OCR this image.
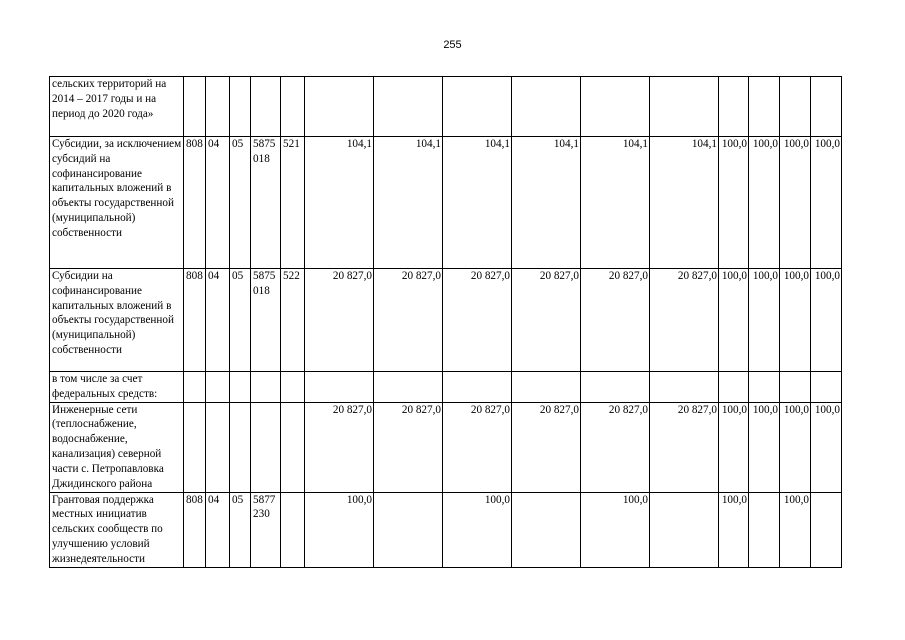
255
сельских территорий на 2014 – 2017 годы и на период до 2020 года»															
Субсидии, за исключением субсидий на софинансирование капитальных вложений в объекты государственной (муниципальной) собственности	808	04	05	5875 018	521	104,1	104,1	104,1	104,1	104,1	104,1	100,0	100,0	100,0	100,0
Субсидии на софинансирование капитальных вложений в объекты государственной (муниципальной) собственности	808	04	05	5875 018	522	20 827,0	20 827,0	20 827,0	20 827,0	20 827,0	20 827,0	100,0	100,0	100,0	100,0
в том числе за счет федеральных средств:															
Инженерные сети (теплоснабжение, водоснабжение, канализация) северной части с. Петропавловка Джидинского района						20 827,0	20 827,0	20 827,0	20 827,0	20 827,0	20 827,0	100,0	100,0	100,0	100,0
Грантовая поддержка местных инициатив сельских сообществ по улучшению условий жизнедеятельности	808	04	05	5877 230		100,0		100,0		100,0		100,0		100,0	
